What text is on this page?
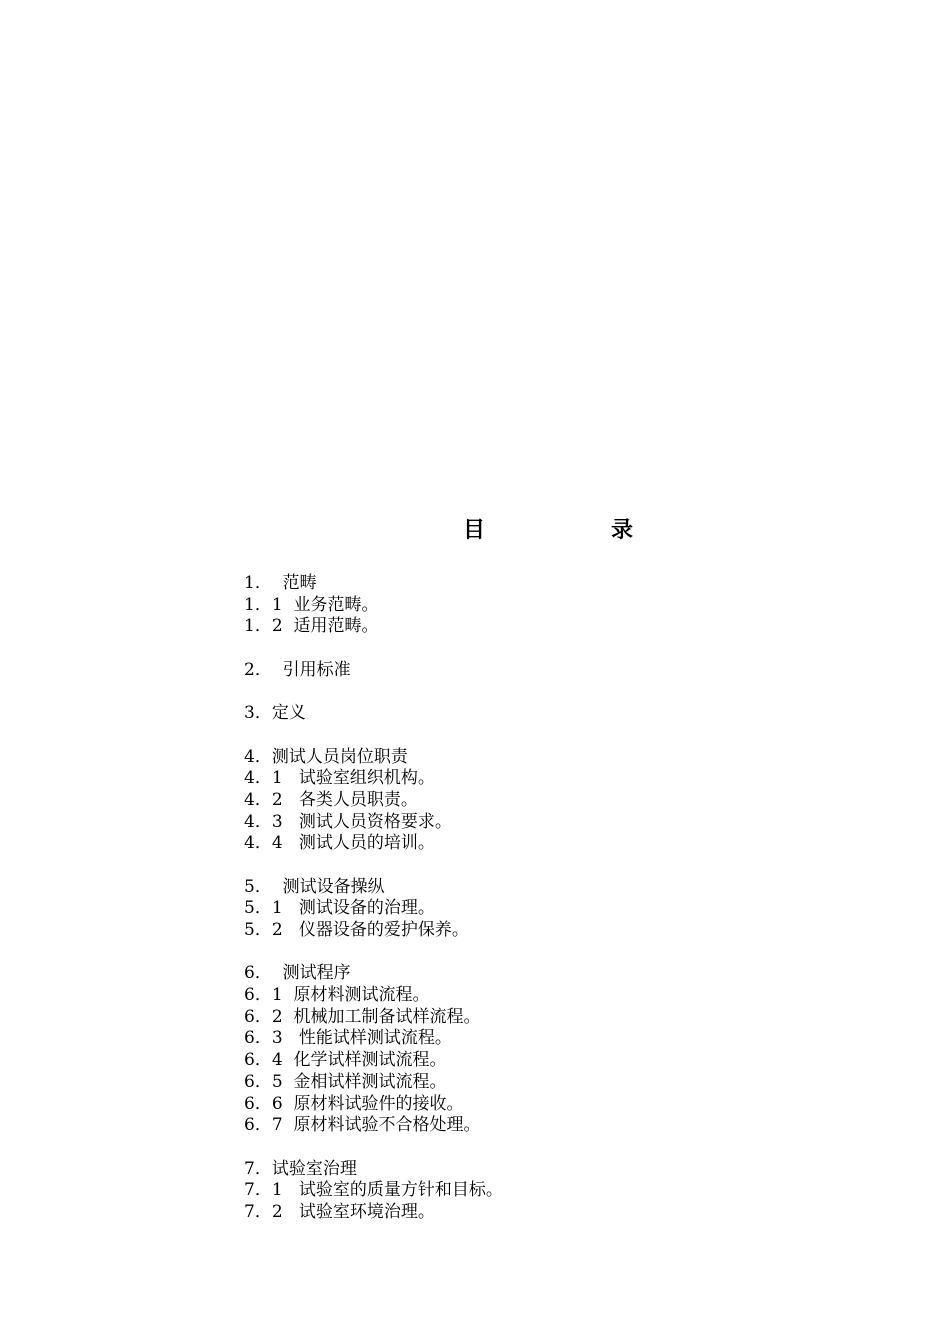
目	录
1．  范畴
1．1  业务范畴。
1．2  适用范畴。
2．  引用标准
3．定义
4．测试人员岗位职责
4．1   试验室组织机构。
4．2   各类人员职责。
4．3   测试人员资格要求。
4．4   测试人员的培训。
5．  测试设备操纵
5．1   测试设备的治理。
5．2   仪器设备的爱护保养。
6．  测试程序
6．1  原材料测试流程。
6．2  机械加工制备试样流程。
6．3   性能试样测试流程。
6．4  化学试样测试流程。
6．5  金相试样测试流程。
6．6  原材料试验件的接收。
6．7  原材料试验不合格处理。
7．试验室治理
7．1   试验室的质量方针和目标。
7．2   试验室环境治理。
